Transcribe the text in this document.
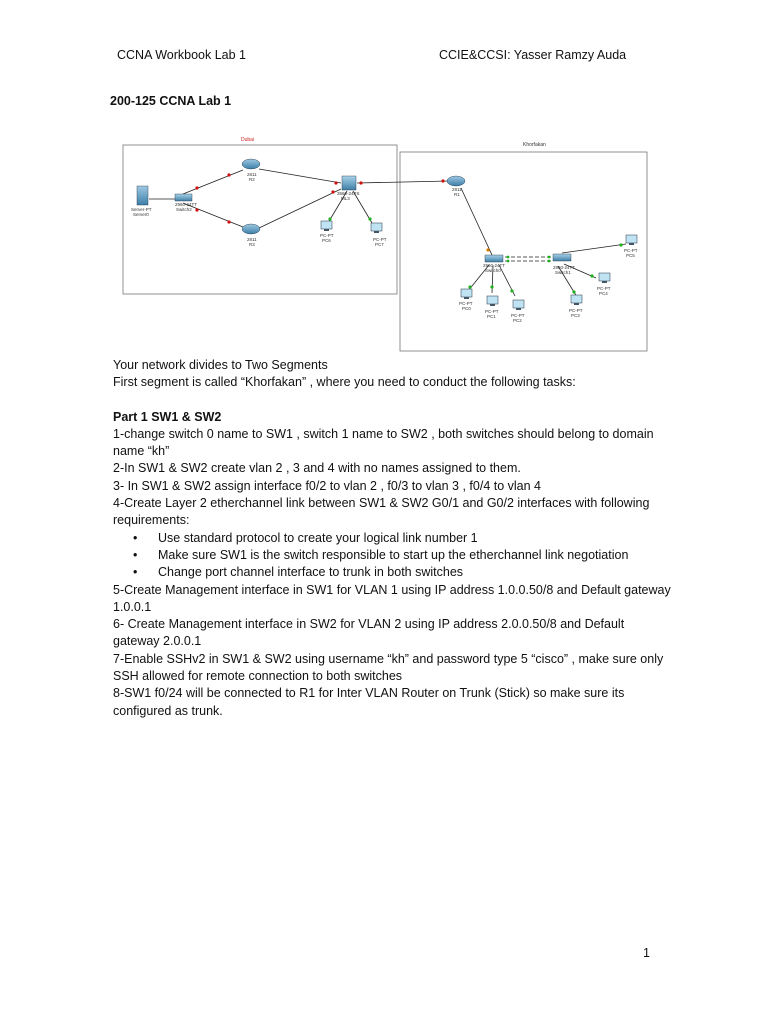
CCNA Workbook Lab 1	CCIE&CCSI: Yasser Ramzy Auda
200-125 CCNA Lab 1
Dubai
Khorfakan
Server-PT
Server0
2960-24TT
Switch2
2811
R2
2811
R3
3560-24PS
ML3
PC-PT
PC6	PC-PT
PC7
2811
R1
2960-24TT
Switch0
2960-24TT
Switch1
PC-PT
PC0
PC-PT
PC1	PC-PT
PC2
PC-PT
PC3
PC-PT
PC4
PC-PT
PC5

Your network divides to Two Segments

First segment is called “Khorfakan” , where you need to conduct the following tasks:

Part 1 SW1 & SW2

1-change switch 0 name to SW1 , switch 1 name to SW2 , both switches should belong to domain name “kh”

2-In SW1 & SW2 create vlan 2 , 3 and 4 with no names assigned to them.

3- In SW1 & SW2 assign interface f0/2 to vlan 2 , f0/3 to vlan 3 , f0/4 to vlan 4

4-Create Layer 2 etherchannel link between SW1 & SW2 G0/1 and G0/2 interfaces with following requirements:

• Use standard protocol to create your logical link number 1
• Make sure SW1 is the switch responsible to start up the etherchannel link negotiation
• Change port channel interface to trunk in both switches

5-Create Management interface in SW1 for VLAN 1 using IP address 1.0.0.50/8 and Default gateway 1.0.0.1

6- Create Management interface in SW2 for VLAN 2 using IP address 2.0.0.50/8 and Default gateway 2.0.0.1

7-Enable SSHv2 in SW1 & SW2 using username “kh” and password type 5 “cisco” , make sure only SSH allowed for remote connection to both switches

8-SW1 f0/24 will be connected to R1 for Inter VLAN Router on Trunk (Stick) so make sure its configured as trunk.

1
